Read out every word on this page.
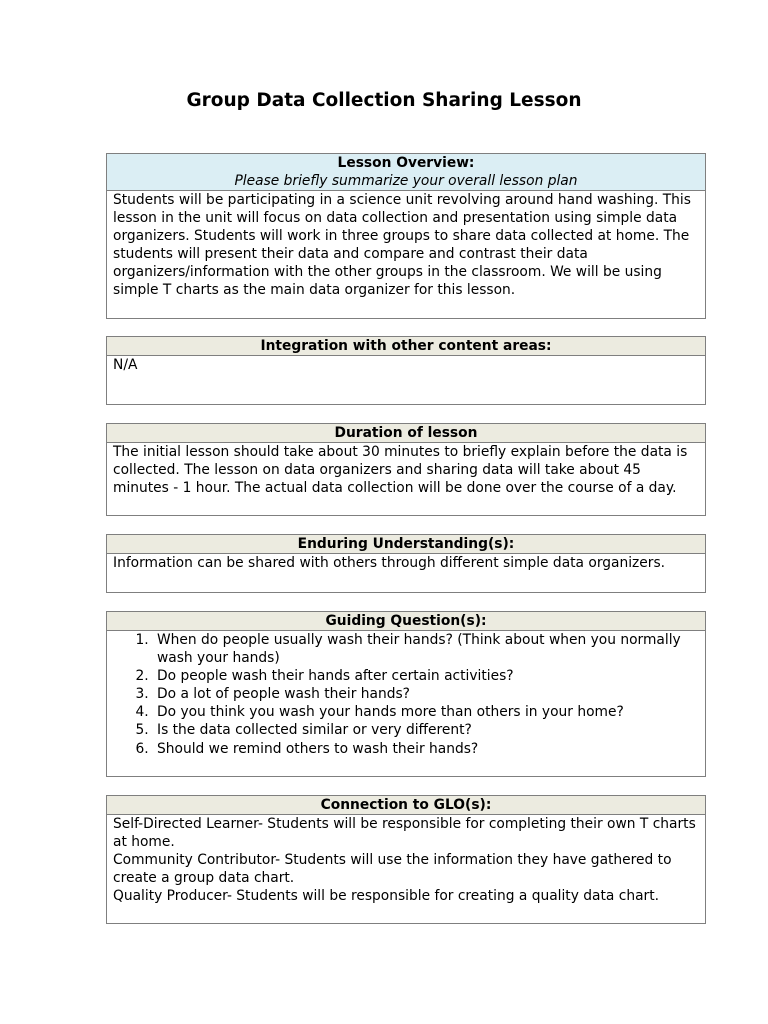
Group Data Collection Sharing Lesson
Lesson Overview:
Please briefly summarize your overall lesson plan

Students will be participating in a science unit revolving around hand washing. This lesson in the unit will focus on data collection and presentation using simple data organizers. Students will work in three groups to share data collected at home. The students will present their data and compare and contrast their data organizers/information with the other groups in the classroom. We will be using simple T charts as the main data organizer for this lesson.

Integration with other content areas:

N/A

Duration of lesson

The initial lesson should take about 30 minutes to briefly explain before the data is collected. The lesson on data organizers and sharing data will take about 45 minutes - 1 hour. The actual data collection will be done over the course of a day.

Enduring Understanding(s):

Information can be shared with others through different simple data organizers.

Guiding Question(s):
1. When do people usually wash their hands? (Think about when you normally wash your hands)
2. Do people wash their hands after certain activities?
3. Do a lot of people wash their hands?
4. Do you think you wash your hands more than others in your home?
5. Is the data collected similar or very different?
6. Should we remind others to wash their hands?
Connection to GLO(s):

Self-Directed Learner- Students will be responsible for completing their own T charts at home.

Community Contributor- Students will use the information they have gathered to create a group data chart.

Quality Producer- Students will be responsible for creating a quality data chart.
